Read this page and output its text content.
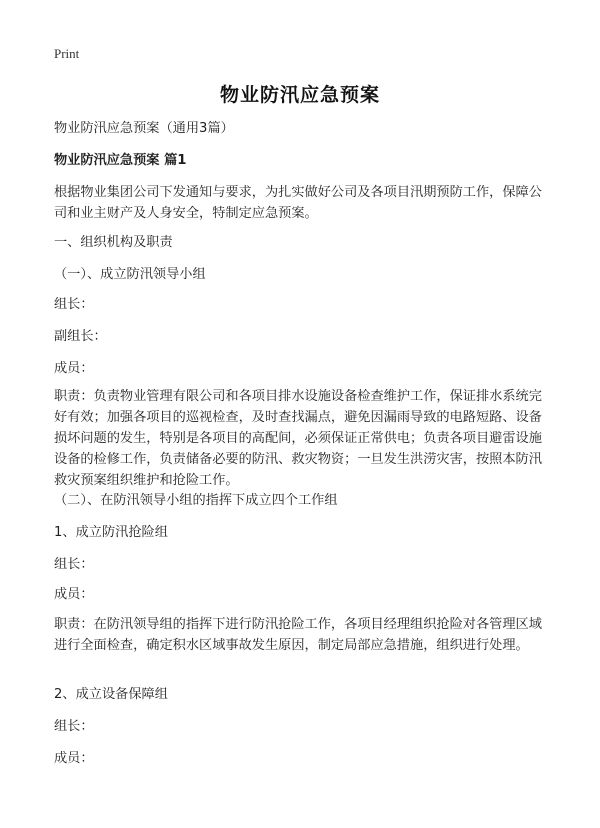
Print
物业防汛应急预案
物业防汛应急预案（通用3篇）
物业防汛应急预案 篇1
根据物业集团公司下发通知与要求，为扎实做好公司及各项目汛期预防工作，保障公司和业主财产及人身安全，特制定应急预案。
一、组织机构及职责
（一）、成立防汛领导小组
组长：
副组长：
成员：
职责：负责物业管理有限公司和各项目排水设施设备检查维护工作，保证排水系统完好有效；加强各项目的巡视检查，及时查找漏点，避免因漏雨导致的电路短路、设备损坏问题的发生，特别是各项目的高配间，必须保证正常供电；负责各项目避雷设施设备的检修工作，负责储备必要的防汛、救灾物资；一旦发生洪涝灾害，按照本防汛救灾预案组织维护和抢险工作。
（二）、在防汛领导小组的指挥下成立四个工作组
1、成立防汛抢险组
组长：
成员：
职责：在防汛领导组的指挥下进行防汛抢险工作，各项目经理组织抢险对各管理区域进行全面检查，确定积水区域事故发生原因，制定局部应急措施，组织进行处理。
2、成立设备保障组
组长：
成员：
